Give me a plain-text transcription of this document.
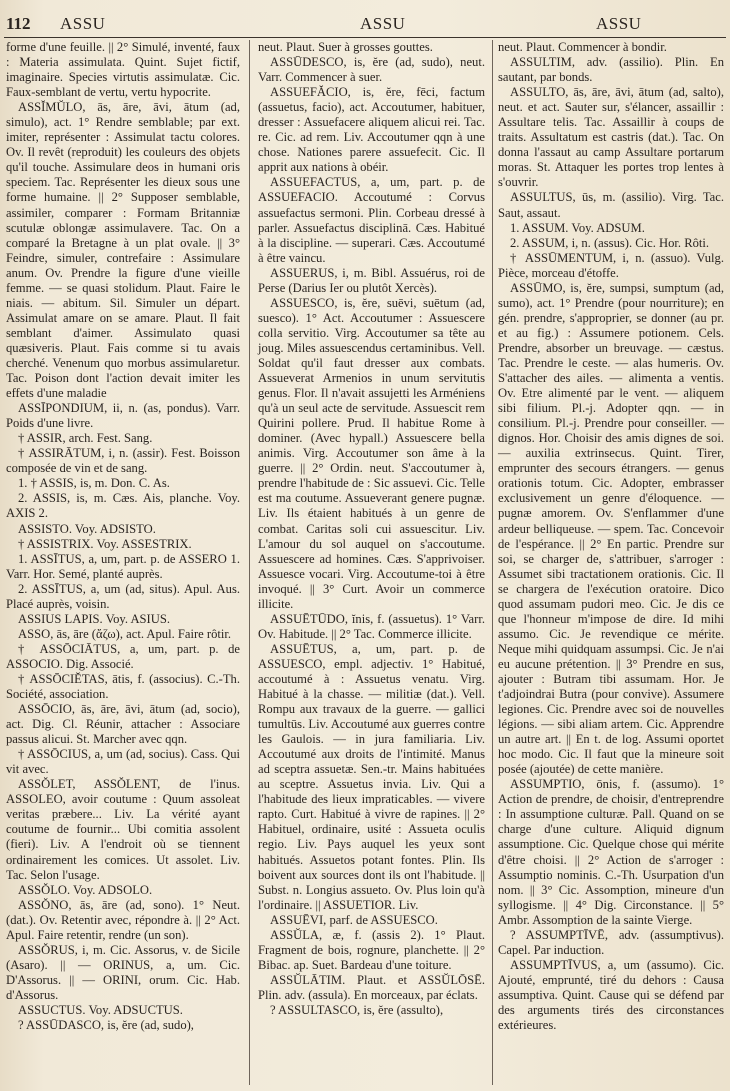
112 ASSU	ASSU	ASSU

forme d'une feuille. || 2° Simulé, inventé, faux : Materia assimulata. Quint. Sujet fictif, imaginaire. Species virtutis assimulatæ. Cic. Faux-semblant de vertu, vertu hypocrite.

ASSĬMŬLO, ās, āre, āvi, ātum (ad, simulo), act. 1° Rendre semblable; par ext. imiter, représenter : Assimulat tactu colores. Ov. Il revêt (reproduit) les couleurs des objets qu'il touche. Assimulare deos in humani oris speciem. Tac. Représenter les dieux sous une forme humaine. || 2° Supposer semblable, assimiler, comparer : Formam Britanniæ scutulæ oblongæ assimulavere. Tac. On a comparé la Bretagne à un plat ovale. || 3° Feindre, simuler, contrefaire : Assimulare anum. Ov. Prendre la figure d'une vieille femme. — se quasi stolidum. Plaut. Faire le niais. — abitum. Sil. Simuler un départ. Assimulat amare on se amare. Plaut. Il fait semblant d'aimer. Assimulato quasi quæsiveris. Plaut. Fais comme si tu avais cherché. Venenum quo morbus assimularetur. Tac. Poison dont l'action devait imiter les effets d'une maladie

ASSĪPONDIUM, ii, n. (as, pondus). Varr. Poids d'une livre.

† ASSIR, arch. Fest. Sang.

† ASSIRĀTUM, i, n. (assir). Fest. Boisson composée de vin et de sang.

1. † ASSIS, is, m. Don. C. As.

2. ASSIS, is, m. Cæs. Ais, planche. Voy. AXIS 2.

ASSISTO. Voy. ADSISTO.

† ASSISTRIX. Voy. ASSESTRIX.

1. ASSĪTUS, a, um, part. p. de ASSERO 1. Varr. Hor. Semé, planté auprès.

2. ASSĪTUS, a, um (ad, situs). Apul. Aus. Placé auprès, voisin.

ASSIUS LAPIS. Voy. ASIUS.

ASSO, ās, āre (ἄζω), act. Apul. Faire rôtir.

† ASSŌCIĀTUS, a, um, part. p. de ASSOCIO. Dig. Associé.

† ASSŌCIĔTAS, ātis, f. (associus). C.-Th. Société, association.

ASSŌCIO, ās, āre, āvi, ātum (ad, socio), act. Dig. Cl. Réunir, attacher : Associare passus alicui. St. Marcher avec qqn.

† ASSŌCIUS, a, um (ad, socius). Cass. Qui vit avec.

ASSŎLET, ASSŎLENT, de l'inus. ASSOLEO, avoir coutume : Quum assoleat veritas præbere... Liv. La vérité ayant coutume de fournir... Ubi comitia assolent (fieri). Liv. A l'endroit où se tiennent ordinairement les comices. Ut assolet. Liv. Tac. Selon l'usage.

ASSŎLO. Voy. ADSOLO.

ASSŎNO, ās, āre (ad, sono). 1° Neut. (dat.). Ov. Retentir avec, répondre à. || 2° Act. Apul. Faire retentir, rendre (un son).

ASSŎRUS, i, m. Cic. Assorus, v. de Sicile (Asaro). || — ORINUS, a, um. Cic. D'Assorus. || — ORINI, orum. Cic. Hab. d'Assorus.

ASSUCTUS. Voy. ADSUCTUS.

? ASSŪDASCO, is, ĕre (ad, sudo),

neut. Plaut. Suer à grosses gouttes.

ASSŪDESCO, is, ĕre (ad, sudo), neut. Varr. Commencer à suer.

ASSUEFĂCIO, is, ĕre, fēci, factum (assuetus, facio), act. Accoutumer, habituer, dresser : Assuefacere aliquem alicui rei. Tac. re. Cic. ad rem. Liv. Accoutumer qqn à une chose. Nationes parere assuefecit. Cic. Il apprit aux nations à obéir.

ASSUEFACTUS, a, um, part. p. de ASSUEFACIO. Accoutumé : Corvus assuefactus sermoni. Plin. Corbeau dressé à parler. Assuefactus disciplinā. Cæs. Habitué à la discipline. — superari. Cæs. Accoutumé à être vaincu.

ASSUERUS, i, m. Bibl. Assuérus, roi de Perse (Darius Ier ou plutôt Xercès).

ASSUESCO, is, ĕre, suēvi, suētum (ad, suesco). 1° Act. Accoutumer : Assuescere colla servitio. Virg. Accoutumer sa tête au joug. Miles assuescendus certaminibus. Vell. Soldat qu'il faut dresser aux combats. Assueverat Armenios in unum servitutis genus. Flor. Il n'avait assujetti les Arméniens qu'à un seul acte de servitude. Assuescit rem Quirini pollere. Prud. Il habitue Rome à dominer. (Avec hypall.) Assuescere bella animis. Virg. Accoutumer son âme à la guerre. || 2° Ordin. neut. S'accoutumer à, prendre l'habitude de : Sic assuevi. Cic. Telle est ma coutume. Assueverant genere pugnæ. Liv. Ils étaient habitués à un genre de combat. Caritas soli cui assuescitur. Liv. L'amour du sol auquel on s'accoutume. Assuescere ad homines. Cæs. S'apprivoiser. Assuesce vocari. Virg. Accoutume-toi à être invoqué. || 3° Curt. Avoir un commerce illicite.

ASSUĒTŪDO, ĭnis, f. (assuetus). 1° Varr. Ov. Habitude. || 2° Tac. Commerce illicite.

ASSUĒTUS, a, um, part. p. de ASSUESCO, empl. adjectiv. 1° Habitué, accoutumé à : Assuetus venatu. Virg. Habitué à la chasse. — militiæ (dat.). Vell. Rompu aux travaux de la guerre. — gallici tumultūs. Liv. Accoutumé aux guerres contre les Gaulois. — in jura familiaria. Liv. Accoutumé aux droits de l'intimité. Manus ad sceptra assuetæ. Sen.-tr. Mains habituées au sceptre. Assuetus invia. Liv. Qui a l'habitude des lieux impraticables. — vivere rapto. Curt. Habitué à vivre de rapines. || 2° Habituel, ordinaire, usité : Assueta oculis regio. Liv. Pays auquel les yeux sont habitués. Assuetos potant fontes. Plin. Ils boivent aux sources dont ils ont l'habitude. || Subst. n. Longius assueto. Ov. Plus loin qu'à l'ordinaire. || ASSUETIOR. Liv.

ASSUĒVI, parf. de ASSUESCO.

ASSŬLA, æ, f. (assis 2). 1° Plaut. Fragment de bois, rognure, planchette. || 2° Bibac. ap. Suet. Bardeau d'une toiture.

ASSŬLĀTIM. Plaut. et ASSŬLŌSĒ. Plin. adv. (assula). En morceaux, par éclats.

? ASSULTASCO, is, ĕre (assulto),

neut. Plaut. Commencer à bondir.

ASSULTIM, adv. (assilio). Plin. En sautant, par bonds.

ASSULTO, ās, āre, āvi, ātum (ad, salto), neut. et act. Sauter sur, s'élancer, assaillir : Assultare telis. Tac. Assaillir à coups de traits. Assultatum est castris (dat.). Tac. On donna l'assaut au camp Assultare portarum moras. St. Attaquer les portes trop lentes à s'ouvrir.

ASSULTUS, ūs, m. (assilio). Virg. Tac. Saut, assaut.

1. ASSUM. Voy. ADSUM.

2. ASSUM, i, n. (assus). Cic. Hor. Rôti.

† ASSŪMENTUM, i, n. (assuo). Vulg. Pièce, morceau d'étoffe.

ASSŪMO, is, ĕre, sumpsi, sumptum (ad, sumo), act. 1° Prendre (pour nourriture); en gén. prendre, s'approprier, se donner (au pr. et au fig.) : Assumere potionem. Cels. Prendre, absorber un breuvage. — cæstus. Tac. Prendre le ceste. — alas humeris. Ov. S'attacher des ailes. — alimenta a ventis. Ov. Etre alimenté par le vent. — aliquem sibi filium. Pl.-j. Adopter qqn. — in consilium. Pl.-j. Prendre pour conseiller. — dignos. Hor. Choisir des amis dignes de soi. — auxilia extrinsecus. Quint. Tirer, emprunter des secours étrangers. — genus orationis totum. Cic. Adopter, embrasser exclusivement un genre d'éloquence. — pugnæ amorem. Ov. S'enflammer d'une ardeur belliqueuse. — spem. Tac. Concevoir de l'espérance. || 2° En partic. Prendre sur soi, se charger de, s'attribuer, s'arroger : Assumet sibi tractationem orationis. Cic. Il se chargera de l'exécution oratoire. Dico quod assumam pudori meo. Cic. Je dis ce que l'honneur m'impose de dire. Id mihi assumo. Cic. Je revendique ce mérite. Neque mihi quidquam assumpsi. Cic. Je n'ai eu aucune prétention. || 3° Prendre en sus, ajouter : Butram tibi assumam. Hor. Je t'adjoindrai Butra (pour convive). Assumere legiones. Cic. Prendre avec soi de nouvelles légions. — sibi aliam artem. Cic. Apprendre un autre art. || En t. de log. Assumi oportet hoc modo. Cic. Il faut que la mineure soit posée (ajoutée) de cette manière.

ASSUMPTIO, ōnis, f. (assumo). 1° Action de prendre, de choisir, d'entreprendre : In assumptione culturæ. Pall. Quand on se charge d'une culture. Aliquid dignum assumptione. Cic. Quelque chose qui mérite d'être choisi. || 2° Action de s'arroger : Assumptio nominis. C.-Th. Usurpation d'un nom. || 3° Cic. Assomption, mineure d'un syllogisme. || 4° Dig. Circonstance. || 5° Ambr. Assomption de la sainte Vierge.

? ASSUMPTĪVĒ, adv. (assumptivus). Capel. Par induction.

ASSUMPTĪVUS, a, um (assumo). Cic. Ajouté, emprunté, tiré du dehors : Causa assumptiva. Quint. Cause qui se défend par des arguments tirés des circonstances extérieures.
